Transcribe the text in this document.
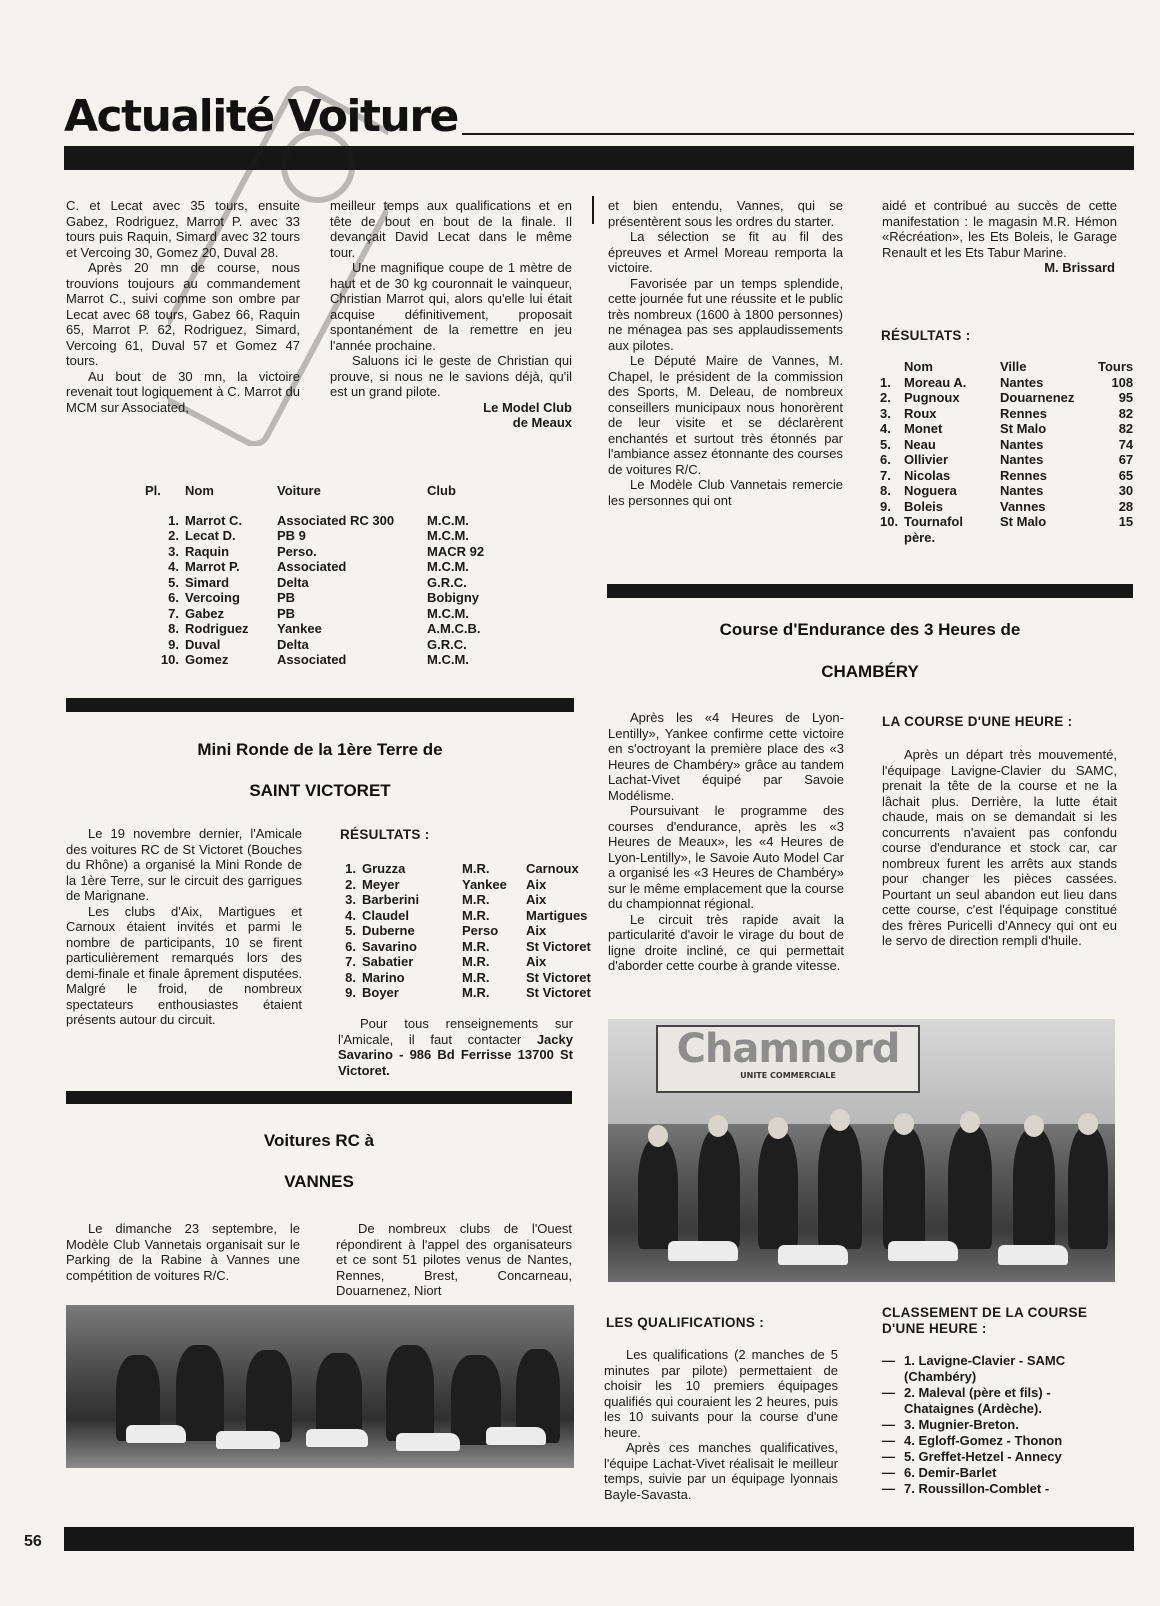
Actualité Voiture

C. et Lecat avec 35 tours, ensuite Gabez, Rodriguez, Marrot P. avec 33 tours puis Raquin, Simard avec 32 tours et Vercoing 30, Gomez 20, Duval 28.

Après 20 mn de course, nous trouvions toujours au commandement Marrot C., suivi comme son ombre par Lecat avec 68 tours, Gabez 66, Raquin 65, Marrot P. 62, Rodriguez, Simard, Vercoing 61, Duval 57 et Gomez 47 tours.

Au bout de 30 mn, la victoire revenait tout logiquement à C. Marrot du MCM sur Associated,

meilleur temps aux qualifications et en tête de bout en bout de la finale. Il devançait David Lecat dans le même tour.

Une magnifique coupe de 1 mètre de haut et de 30 kg couronnait le vainqueur, Christian Marrot qui, alors qu'elle lui était acquise définitivement, proposait spontanément de la remettre en jeu l'année prochaine.

Saluons ici le geste de Christian qui prouve, si nous ne le savions déjà, qu'il est un grand pilote.

Le Model Club
de Meaux
Pl.	Nom	Voiture	Club

1.	Marrot C.	Associated RC 300	M.C.M.
2.	Lecat D.	PB 9	M.C.M.
3.	Raquin	Perso.	MACR 92
4.	Marrot P.	Associated	M.C.M.
5.	Simard	Delta	G.R.C.
6.	Vercoing	PB	Bobigny
7.	Gabez	PB	M.C.M.
8.	Rodriguez	Yankee	A.M.C.B.
9.	Duval	Delta	G.R.C.
10.	Gomez	Associated	M.C.M.
Mini Ronde de la 1ère Terre de
SAINT VICTORET

Le 19 novembre dernier, l'Amicale des voitures RC de St Victoret (Bouches du Rhône) a organisé la Mini Ronde de la 1ère Terre, sur le circuit des garrigues de Marignane.

Les clubs d'Aix, Martigues et Carnoux étaient invités et parmi le nombre de participants, 10 se firent particulièrement remarqués lors des demi-finale et finale âprement disputées. Malgré le froid, de nombreux spectateurs enthousiastes étaient présents autour du circuit.

RÉSULTATS :
1.	Gruzza	M.R.	Carnoux
2.	Meyer	Yankee	Aix
3.	Barberini	M.R.	Aix
4.	Claudel	M.R.	Martigues
5.	Duberne	Perso	Aix
6.	Savarino	M.R.	St Victoret
7.	Sabatier	M.R.	Aix
8.	Marino	M.R.	St Victoret
9.	Boyer	M.R.	St Victoret

Pour tous renseignements sur l'Amicale, il faut contacter Jacky Savarino - 986 Bd Ferrisse 13700 St Victoret.

Voitures RC à
VANNES

Le dimanche 23 septembre, le Modèle Club Vannetais organisait sur le Parking de la Rabine à Vannes une compétition de voitures R/C.

De nombreux clubs de l'Ouest répondirent à l'appel des organisateurs et ce sont 51 pilotes venus de Nantes, Rennes, Brest, Concarneau, Douarnenez, Niort

et bien entendu, Vannes, qui se présentèrent sous les ordres du starter.

La sélection se fit au fil des épreuves et Armel Moreau remporta la victoire.

Favorisée par un temps splendide, cette journée fut une réussite et le public très nombreux (1600 à 1800 personnes) ne ménagea pas ses applaudissements aux pilotes.

Le Député Maire de Vannes, M. Chapel, le président de la commission des Sports, M. Deleau, de nombreux conseillers municipaux nous honorèrent de leur visite et se déclarèrent enchantés et surtout très étonnés par l'ambiance assez étonnante des courses de voitures R/C.

Le Modèle Club Vannetais remercie les personnes qui ont

aidé et contribué au succès de cette manifestation : le magasin M.R. Hémon «Récréation», les Ets Boleis, le Garage Renault et les Ets Tabur Marine.

M. Brissard
RÉSULTATS :
	Nom	Ville	Tours
1.	Moreau A.	Nantes	108
2.	Pugnoux	Douarnenez	95
3.	Roux	Rennes	82
4.	Monet	St Malo	82
5.	Neau	Nantes	74
6.	Ollivier	Nantes	67
7.	Nicolas	Rennes	65
8.	Noguera	Nantes	30
9.	Boleis	Vannes	28
10.	Tournafol père.	St Malo	15
Course d'Endurance des 3 Heures de
CHAMBÉRY

Après les «4 Heures de Lyon-Lentilly», Yankee confirme cette victoire en s'octroyant la première place des «3 Heures de Chambéry» grâce au tandem Lachat-Vivet équipé par Savoie Modélisme.

Poursuivant le programme des courses d'endurance, après les «3 Heures de Meaux», les «4 Heures de Lyon-Lentilly», le Savoie Auto Model Car a organisé les «3 Heures de Chambéry» sur le même emplacement que la course du championnat régional.

Le circuit très rapide avait la particularité d'avoir le virage du bout de ligne droite incliné, ce qui permettait d'aborder cette courbe à grande vitesse.

LA COURSE D'UNE HEURE :

Après un départ très mouvementé, l'équipage Lavigne-Clavier du SAMC, prenait la tête de la course et ne la lâchait plus. Derrière, la lutte était chaude, mais on se demandait si les concurrents n'avaient pas confondu course d'endurance et stock car, car nombreux furent les arrêts aux stands pour changer les pièces cassées. Pourtant un seul abandon eut lieu dans cette course, c'est l'équipage constitué des frères Puricelli d'Annecy qui ont eu le servo de direction rempli d'huile.

Chamnord
UNITE COMMERCIALE
LES QUALIFICATIONS :

Les qualifications (2 manches de 5 minutes par pilote) permettaient de choisir les 10 premiers équipages qualifiés qui couraient les 2 heures, puis les 10 suivants pour la course d'une heure.

Après ces manches qualificatives, l'équipe Lachat-Vivet réalisait le meilleur temps, suivie par un équipage lyonnais Bayle-Savasta.

CLASSEMENT DE LA COURSE D'UNE HEURE :
— 1. Lavigne-Clavier - SAMC (Chambéry)
— 2. Maleval (père et fils) - Chataignes (Ardèche).
— 3. Mugnier-Breton.
— 4. Egloff-Gomez - Thonon
— 5. Greffet-Hetzel - Annecy
— 6. Demir-Barlet
— 7. Roussillon-Comblet -
56
